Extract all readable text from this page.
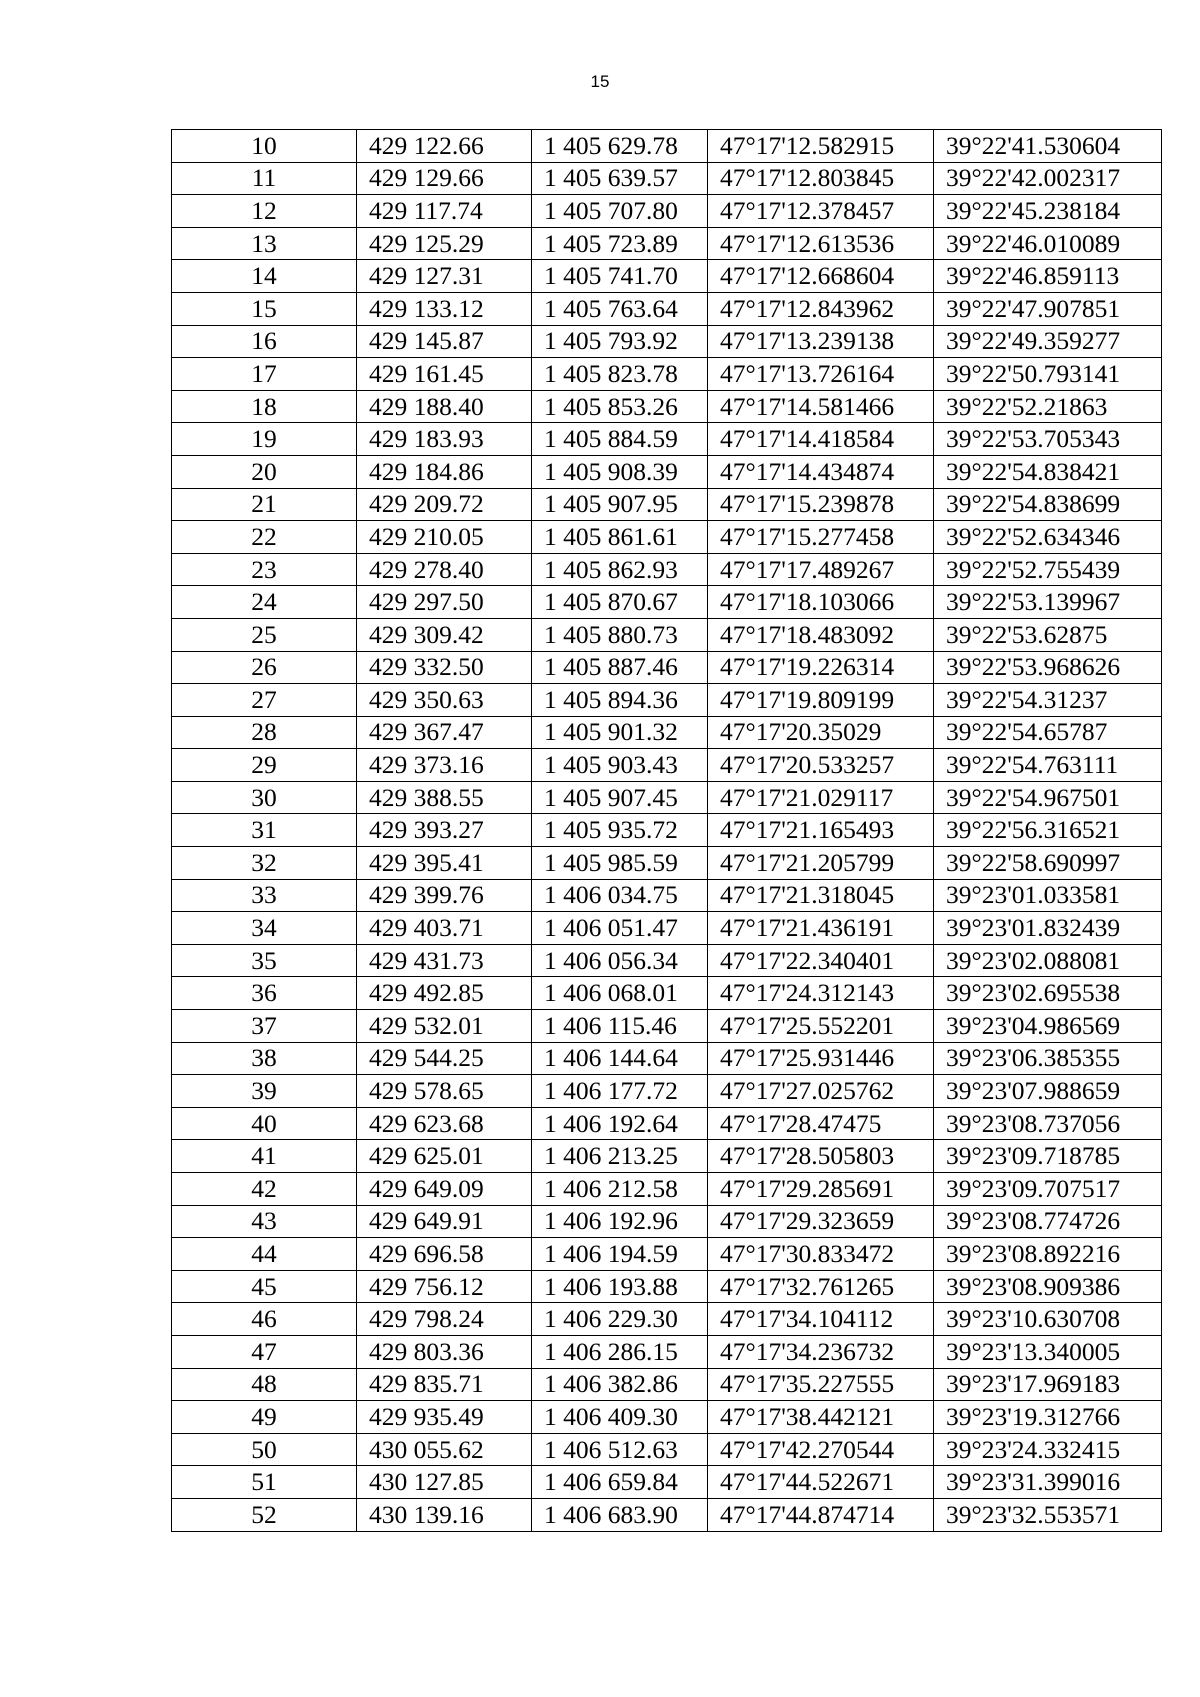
15
10	429 122.66	1 405 629.78	47°17'12.582915	39°22'41.530604
11	429 129.66	1 405 639.57	47°17'12.803845	39°22'42.002317
12	429 117.74	1 405 707.80	47°17'12.378457	39°22'45.238184
13	429 125.29	1 405 723.89	47°17'12.613536	39°22'46.010089
14	429 127.31	1 405 741.70	47°17'12.668604	39°22'46.859113
15	429 133.12	1 405 763.64	47°17'12.843962	39°22'47.907851
16	429 145.87	1 405 793.92	47°17'13.239138	39°22'49.359277
17	429 161.45	1 405 823.78	47°17'13.726164	39°22'50.793141
18	429 188.40	1 405 853.26	47°17'14.581466	39°22'52.21863
19	429 183.93	1 405 884.59	47°17'14.418584	39°22'53.705343
20	429 184.86	1 405 908.39	47°17'14.434874	39°22'54.838421
21	429 209.72	1 405 907.95	47°17'15.239878	39°22'54.838699
22	429 210.05	1 405 861.61	47°17'15.277458	39°22'52.634346
23	429 278.40	1 405 862.93	47°17'17.489267	39°22'52.755439
24	429 297.50	1 405 870.67	47°17'18.103066	39°22'53.139967
25	429 309.42	1 405 880.73	47°17'18.483092	39°22'53.62875
26	429 332.50	1 405 887.46	47°17'19.226314	39°22'53.968626
27	429 350.63	1 405 894.36	47°17'19.809199	39°22'54.31237
28	429 367.47	1 405 901.32	47°17'20.35029	39°22'54.65787
29	429 373.16	1 405 903.43	47°17'20.533257	39°22'54.763111
30	429 388.55	1 405 907.45	47°17'21.029117	39°22'54.967501
31	429 393.27	1 405 935.72	47°17'21.165493	39°22'56.316521
32	429 395.41	1 405 985.59	47°17'21.205799	39°22'58.690997
33	429 399.76	1 406 034.75	47°17'21.318045	39°23'01.033581
34	429 403.71	1 406 051.47	47°17'21.436191	39°23'01.832439
35	429 431.73	1 406 056.34	47°17'22.340401	39°23'02.088081
36	429 492.85	1 406 068.01	47°17'24.312143	39°23'02.695538
37	429 532.01	1 406 115.46	47°17'25.552201	39°23'04.986569
38	429 544.25	1 406 144.64	47°17'25.931446	39°23'06.385355
39	429 578.65	1 406 177.72	47°17'27.025762	39°23'07.988659
40	429 623.68	1 406 192.64	47°17'28.47475	39°23'08.737056
41	429 625.01	1 406 213.25	47°17'28.505803	39°23'09.718785
42	429 649.09	1 406 212.58	47°17'29.285691	39°23'09.707517
43	429 649.91	1 406 192.96	47°17'29.323659	39°23'08.774726
44	429 696.58	1 406 194.59	47°17'30.833472	39°23'08.892216
45	429 756.12	1 406 193.88	47°17'32.761265	39°23'08.909386
46	429 798.24	1 406 229.30	47°17'34.104112	39°23'10.630708
47	429 803.36	1 406 286.15	47°17'34.236732	39°23'13.340005
48	429 835.71	1 406 382.86	47°17'35.227555	39°23'17.969183
49	429 935.49	1 406 409.30	47°17'38.442121	39°23'19.312766
50	430 055.62	1 406 512.63	47°17'42.270544	39°23'24.332415
51	430 127.85	1 406 659.84	47°17'44.522671	39°23'31.399016
52	430 139.16	1 406 683.90	47°17'44.874714	39°23'32.553571
